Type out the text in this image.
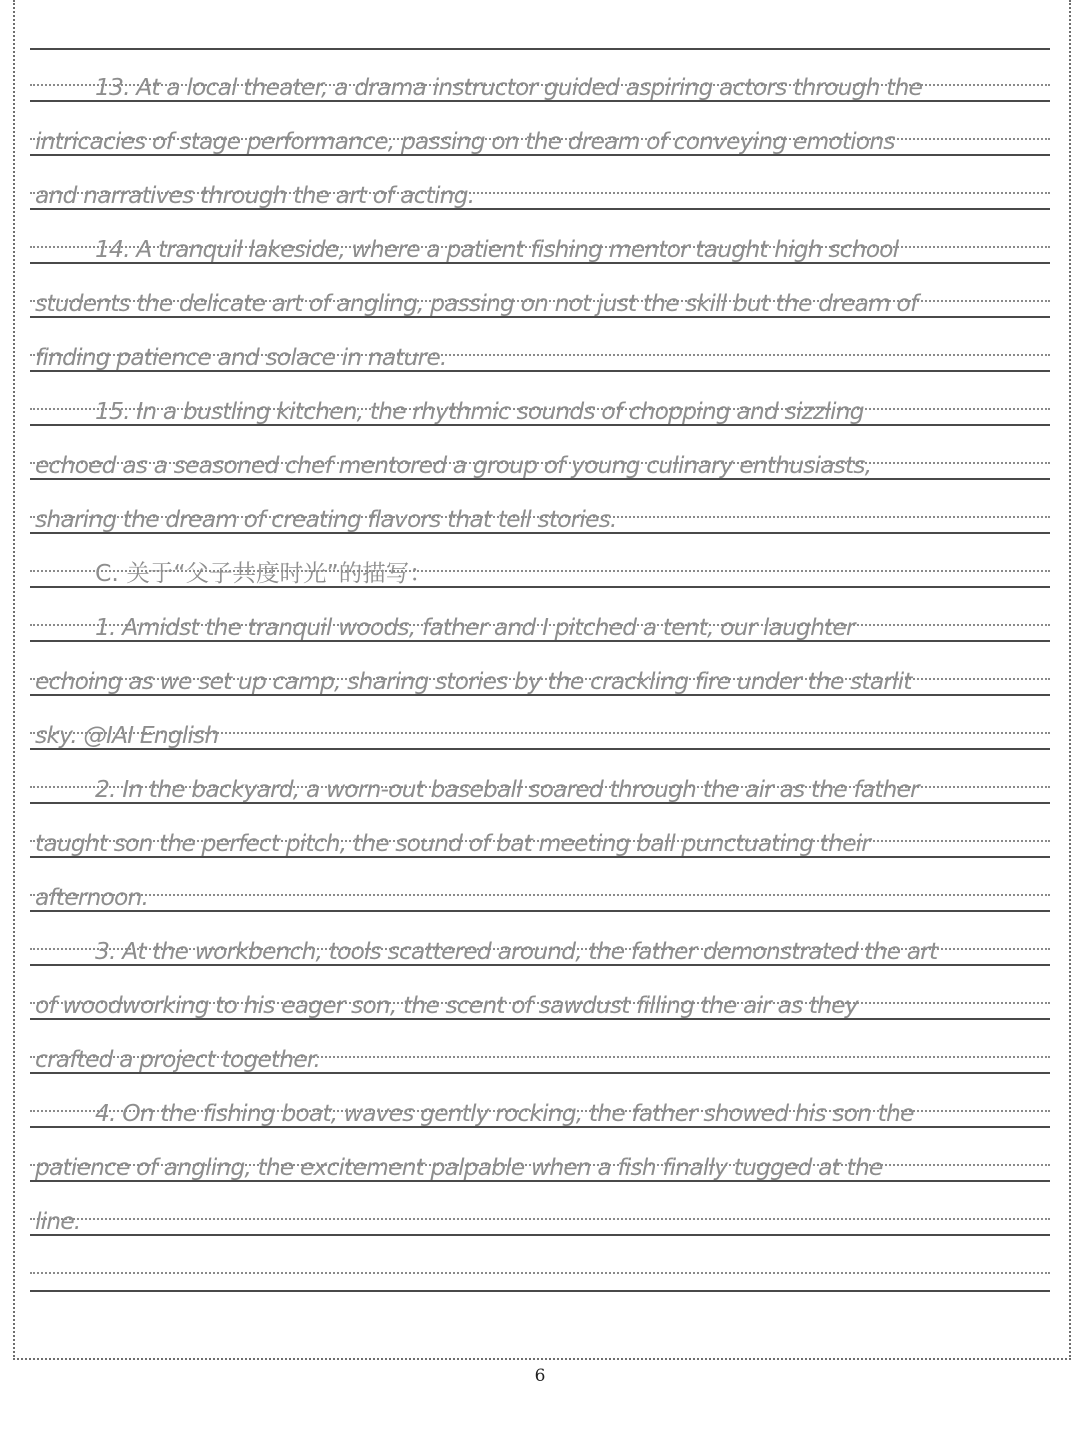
13. At a local theater, a drama instructor guided aspiring actors through the
intricacies of stage performance, passing on the dream of conveying emotions
and narratives through the art of acting.
14. A tranquil lakeside, where a patient fishing mentor taught high school
students the delicate art of angling, passing on not just the skill but the dream of
finding patience and solace in nature.
15. In a bustling kitchen, the rhythmic sounds of chopping and sizzling
echoed as a seasoned chef mentored a group of young culinary enthusiasts,
sharing the dream of creating flavors that tell stories.
C. 关于“父子共度时光”的描写：
1. Amidst the tranquil woods, father and I pitched a tent, our laughter
echoing as we set up camp, sharing stories by the crackling fire under the starlit
sky. @IAI English
2. In the backyard, a worn-out baseball soared through the air as the father
taught son the perfect pitch, the sound of bat meeting ball punctuating their
afternoon.
3. At the workbench, tools scattered around, the father demonstrated the art
of woodworking to his eager son, the scent of sawdust filling the air as they
crafted a project together.
4. On the fishing boat, waves gently rocking, the father showed his son the
patience of angling, the excitement palpable when a fish finally tugged at the
line.
6
